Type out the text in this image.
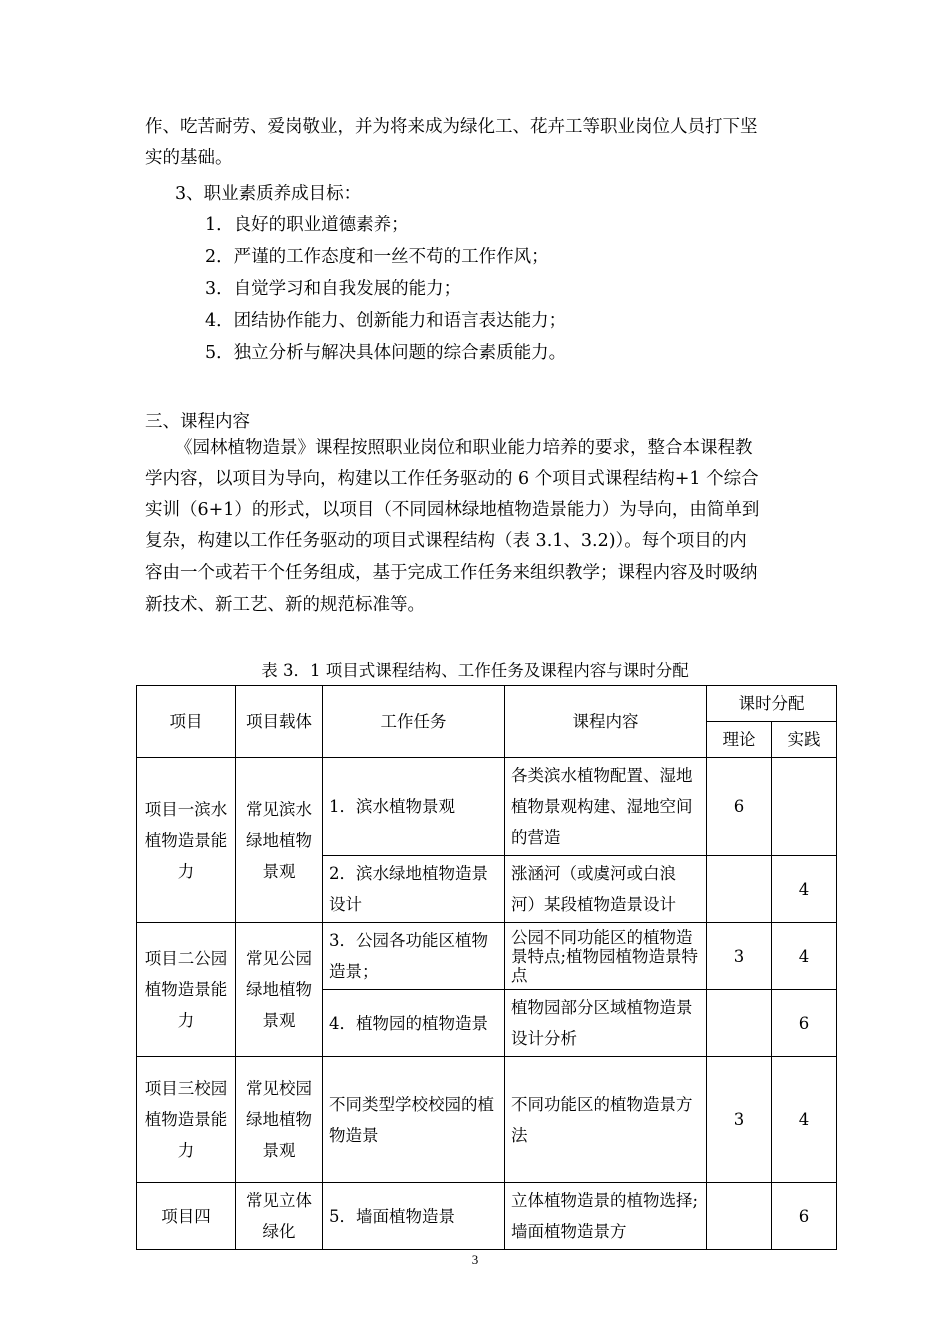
作、吃苦耐劳、爱岗敬业，并为将来成为绿化工、花卉工等职业岗位人员打下坚
实的基础。
3、职业素质养成目标：
1．良好的职业道德素养；
2．严谨的工作态度和一丝不苟的工作作风；
3．自觉学习和自我发展的能力；
4．团结协作能力、创新能力和语言表达能力；
5．独立分析与解决具体问题的综合素质能力。
三、课程内容
《园林植物造景》课程按照职业岗位和职业能力培养的要求，整合本课程教
学内容，以项目为导向，构建以工作任务驱动的 6 个项目式课程结构+1 个综合
实训（6+1）的形式，以项目（不同园林绿地植物造景能力）为导向，由简单到
复杂，构建以工作任务驱动的项目式课程结构（表 3.1、3.2)）。每个项目的内
容由一个或若干个任务组成，基于完成工作任务来组织教学；课程内容及时吸纳
新技术、新工艺、新的规范标准等。
表 3．1 项目式课程结构、工作任务及课程内容与课时分配
项目	项目载体	工作任务	课程内容	课时分配	
				理论	实践
项目一滨水植物造景能力	常见滨水绿地植物景观	1．滨水植物景观	各类滨水植物配置、湿地植物景观构建、湿地空间的营造	6	
		2．滨水绿地植物造景设计	涨涵河（或虞河或白浪河）某段植物造景设计		4
项目二公园植物造景能力	常见公园绿地植物景观	3．公园各功能区植物造景；	公园不同功能区的植物造景特点;植物园植物造景特点	3	4
		4．植物园的植物造景	植物园部分区域植物造景设计分析		6
项目三校园植物造景能力	常见校园绿地植物景观	不同类型学校校园的植物造景	不同功能区的植物造景方法	3	4
项目四	常见立体绿化	5．墙面植物造景	立体植物造景的植物选择;墙面植物造景方		6
3
